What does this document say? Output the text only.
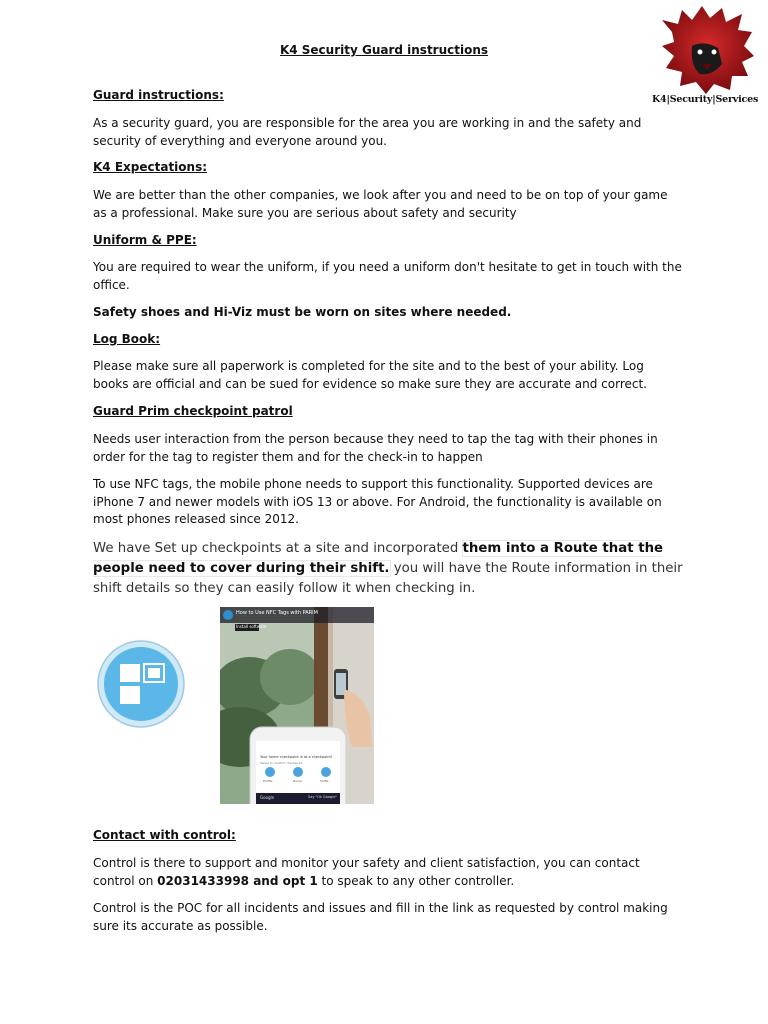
K4 Security Guard instructions
K4|Security|Services
Guard instructions:

As a security guard, you are responsible for the area you are working in and the safety and security of everything and everyone around you.

K4 Expectations:

We are better than the other companies, we look after you and need to be on top of your game as a professional. Make sure you are serious about safety and security

Uniform & PPE:

You are required to wear the uniform, if you need a uniform don't hesitate to get in touch with the office.

Safety shoes and Hi-Viz must be worn on sites where needed.

Log Book:

Please make sure all paperwork is completed for the site and to the best of your ability. Log books are official and can be sued for evidence so make sure they are accurate and correct.

Guard Prim checkpoint patrol

Needs user interaction from the person because they need to tap the tag with their phones in order for the tag to register them and for the check-in to happen

To use NFC tags, the mobile phone needs to support this functionality. Supported devices are iPhone 7 and newer models with iOS 13 or above. For Android, the functionality is available on most phones released since 2012.

We have Set up checkpoints at a site and incorporated them into a Route that the people need to cover during their shift. you will have the Route information in their shift details so they can easily follow it when checking in.

How to Use NFC Tags with PARiM
Install software
Your home checkpoint is at a checkpoint!
Swipe to confirm checkpoint
Profile	Home	Shifts
Google	Say "Ok Google"
Contact with control:

Control is there to support and monitor your safety and client satisfaction, you can contact control on 02031433998 and opt 1 to speak to any other controller.

Control is the POC for all incidents and issues and fill in the link as requested by control making sure its accurate as possible.
